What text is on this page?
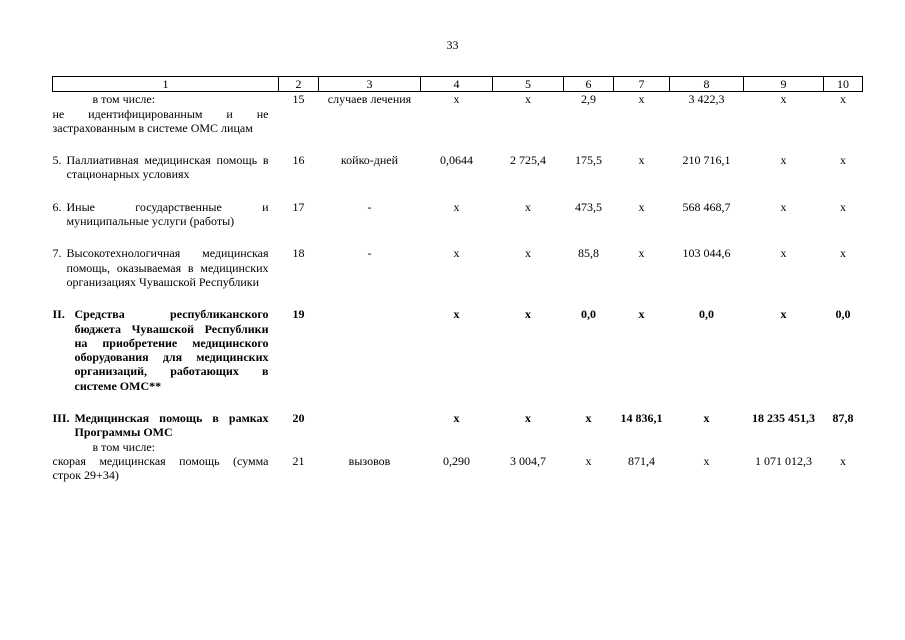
33
1	2	3	4	5	6	7	8	9	10

в том числе:
не идентифицированным и не застрахованным в системе ОМС лицам	15	случаев лечения	х	х	2,9	х	3 422,3	х	х

5. Паллиативная медицинская помощь в стационарных условиях	16	койко-дней	0,0644	2 725,4	175,5	х	210 716,1	х	х

6. Иные государственные и муниципальные услуги (работы)	17	-	х	х	473,5	х	568 468,7	х	х

7. Высокотехнологичная медицинская помощь, оказываемая в медицинских организациях Чувашской Республики	18	-	х	х	85,8	х	103 044,6	х	х

II. Средства республиканского бюджета Чувашской Республики на приобретение медицинского оборудования для медицинских организаций, работающих в системе ОМС**	19		х	х	0,0	х	0,0	х	0,0

III. Медицинская помощь в рамках Программы ОМС	20		х	х	х	14 836,1	х	18 235 451,3	87,8

в том числе:
скорая медицинская помощь (сумма строк 29+34)	21	вызовов	0,290	3 004,7	х	871,4	х	1 071 012,3	х
